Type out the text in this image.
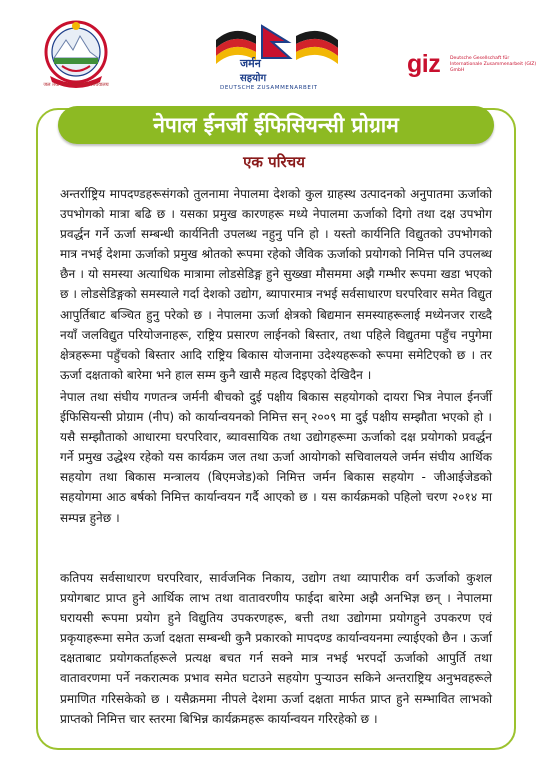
जल तथा ऊर्जा आयोगको सचिवालय
जर्मन
सहयोग
DEUTSCHE ZUSAMMENARBEIT
giz Deutsche Gesellschaft für Internationale Zusammenarbeit (GIZ) GmbH
नेपाल ईनर्जी ईफिसियन्सी प्रोग्राम
एक परिचय
अन्तर्राष्ट्रिय मापदण्डहरूसंगको तुलनामा नेपालमा देशको कुल ग्राहस्थ उत्पादनको अनुपातमा ऊर्जाको उपभोगको मात्रा बढि छ । यसका प्रमुख कारणहरू मध्ये नेपालमा ऊर्जाको दिगो तथा दक्ष उपभोग प्रवर्द्धन गर्ने ऊर्जा सम्बन्धी कार्यनिती उपलब्ध नहुनु पनि हो । यस्तो कार्यनिति विद्युतको उपभोगको मात्र नभई देशमा ऊर्जाको प्रमुख श्रोतको रूपमा रहेको जैविक ऊर्जाको प्रयोगको निमित्त पनि उपलब्ध छैन । यो समस्या अत्याधिक मात्रामा लोडसेडिङ्ग हुने सुख्खा मौसममा अझै गम्भीर रूपमा खडा भएको छ । लोडसेडिङ्गको समस्याले गर्दा देशको उद्योग, ब्यापारमात्र नभई सर्वसाधारण घरपरिवार समेत विद्युत आपुर्तिबाट बञ्चित हुनु परेको छ । नेपालमा ऊर्जा क्षेत्रको बिद्यमान समस्याहरूलाई मध्येनजर राख्दै नयाँ जलविद्युत परियोजनाहरू, राष्ट्रिय प्रसारण लाईनको बिस्तार, तथा पहिले विद्युतमा पहुँच नपुगेमा क्षेत्रहरूमा पहुँचको बिस्तार आदि राष्ट्रिय बिकास योजनामा उदेश्यहरूको रूपमा समेटिएको छ । तर ऊर्जा दक्षताको बारेमा भने हाल सम्म कुनै खासै महत्व दिइएको देखिदैन ।
नेपाल तथा संघीय गणतन्त्र जर्मनी बीचको दुई पक्षीय बिकास सहयोगको दायरा भित्र नेपाल ईनर्जी ईफिसियन्सी प्रोग्राम (नीप) को कार्यान्वयनको निमित्त सन् २००९ मा दुई पक्षीय सम्झौता भएको हो । यसै सम्झौताको आधारमा घरपरिवार, ब्यावसायिक तथा उद्योगहरूमा ऊर्जाको दक्ष प्रयोगको प्रवर्द्धन गर्ने प्रमुख उद्धेश्य रहेको यस कार्यक्रम जल तथा ऊर्जा आयोगको सचिवालयले जर्मन संघीय आर्थिक सहयोग तथा बिकास मन्त्रालय (बिएमजेड)को निमित्त जर्मन बिकास सहयोग - जीआईजेडको सहयोगमा आठ बर्षको निमित्त कार्यान्वयन गर्दै आएको छ । यस कार्यक्रमको पहिलो चरण २०१४ मा सम्पन्न हुनेछ ।
कतिपय सर्वसाधारण घरपरिवार, सार्वजनिक निकाय, उद्योग तथा व्यापारीक वर्ग ऊर्जाको कुशल प्रयोगबाट प्राप्त हुने आर्थिक लाभ तथा वातावरणीय फाईदा बारेमा अझै अनभिज्ञ छन् । नेपालमा घरायसी रूपमा प्रयोग हुने विद्युतिय उपकरणहरू, बत्ती तथा उद्योगमा प्रयोगहुने उपकरण एवं प्रकृयाहरूमा समेत ऊर्जा दक्षता सम्बन्धी कुनै प्रकारको मापदण्ड कार्यान्वयनमा ल्याईएको छैन । ऊर्जा दक्षताबाट प्रयोगकर्ताहरूले प्रत्यक्ष बचत गर्न सक्ने मात्र नभई भरपर्दो ऊर्जाको आपुर्ति तथा वातावरणमा पर्ने नकरात्मक प्रभाव समेत घटाउने सहयोग पुऱ्याउन सकिने अन्तराष्ट्रिय अनुभवहरूले प्रमाणित गरिसकेको छ । यसैक्रममा नीपले देशमा ऊर्जा दक्षता मार्फत प्राप्त हुने सम्भावित लाभको प्राप्तको निमित्त चार स्तरमा बिभिन्न कार्यक्रमहरू कार्यान्वयन गरिरहेको छ ।
